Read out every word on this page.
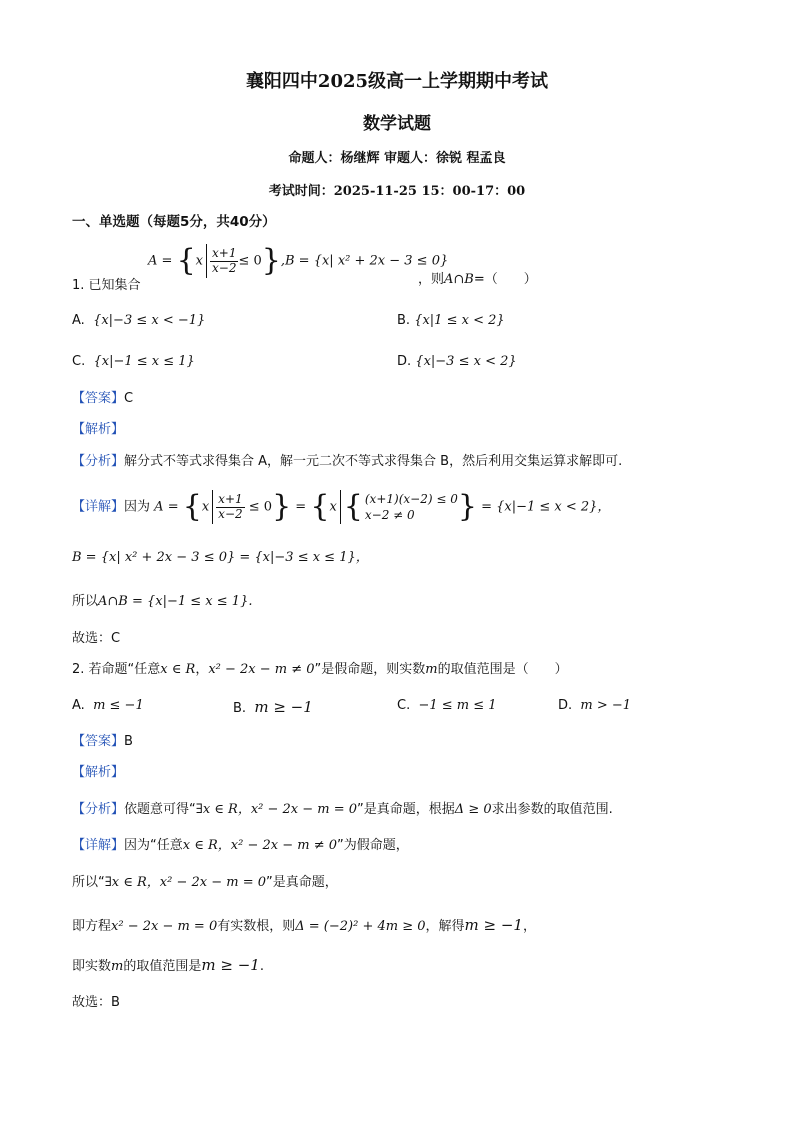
襄阳四中2025级高一上学期期中考试
数学试题
命题人：杨继辉 审题人：徐锐 程孟良
考试时间：2025-11-25 15：00-17：00
一、单选题（每题5分，共40分）
$A = \{x \frac{x+1}{x-2} \le 0\},B = \{x|$ x² + 2x − 3 ≤ 0}
1. 已知集合	，则A∩B=（　　）
A. {x|−3 ≤ x < −1}	B. {x|1 ≤ x < 2}
C. {x|−1 ≤ x ≤ 1}	D. {x|−3 ≤ x < 2}
【答案】C
【解析】
【分析】解分式不等式求得集合 A，解一元二次不等式求得集合 B，然后利用交集运算求解即可.
【详解】因为 $A = \{x \frac{x+1}{x-2} \le 0\} = \{x$ { (x+1)(x−2) ≤ 0
x−2 ≠ 0	} = {x|−1 ≤ x < 2}，
B = {x| x² + 2x − 3 ≤ 0} = {x|−3 ≤ x ≤ 1}，
所以A∩B = {x|−1 ≤ x ≤ 1}.
故选：C
2. 若命题“任意x ∈ R，x² − 2x − m ≠ 0”是假命题，则实数m的取值范围是（　　）
A. m ≤ −1	B. m ≥ −1	C. −1 ≤ m ≤ 1	D. m > −1
【答案】B
【解析】
【分析】依题意可得“∃x ∈ R，x² − 2x − m = 0”是真命题，根据Δ ≥ 0求出参数的取值范围.
【详解】因为“任意x ∈ R，x² − 2x − m ≠ 0”为假命题，
所以“∃x ∈ R，x² − 2x − m = 0”是真命题，
即方程x² − 2x − m = 0有实数根，则Δ = (−2)² + 4m ≥ 0，解得m ≥ −1，
即实数m的取值范围是m ≥ −1.
故选：B
